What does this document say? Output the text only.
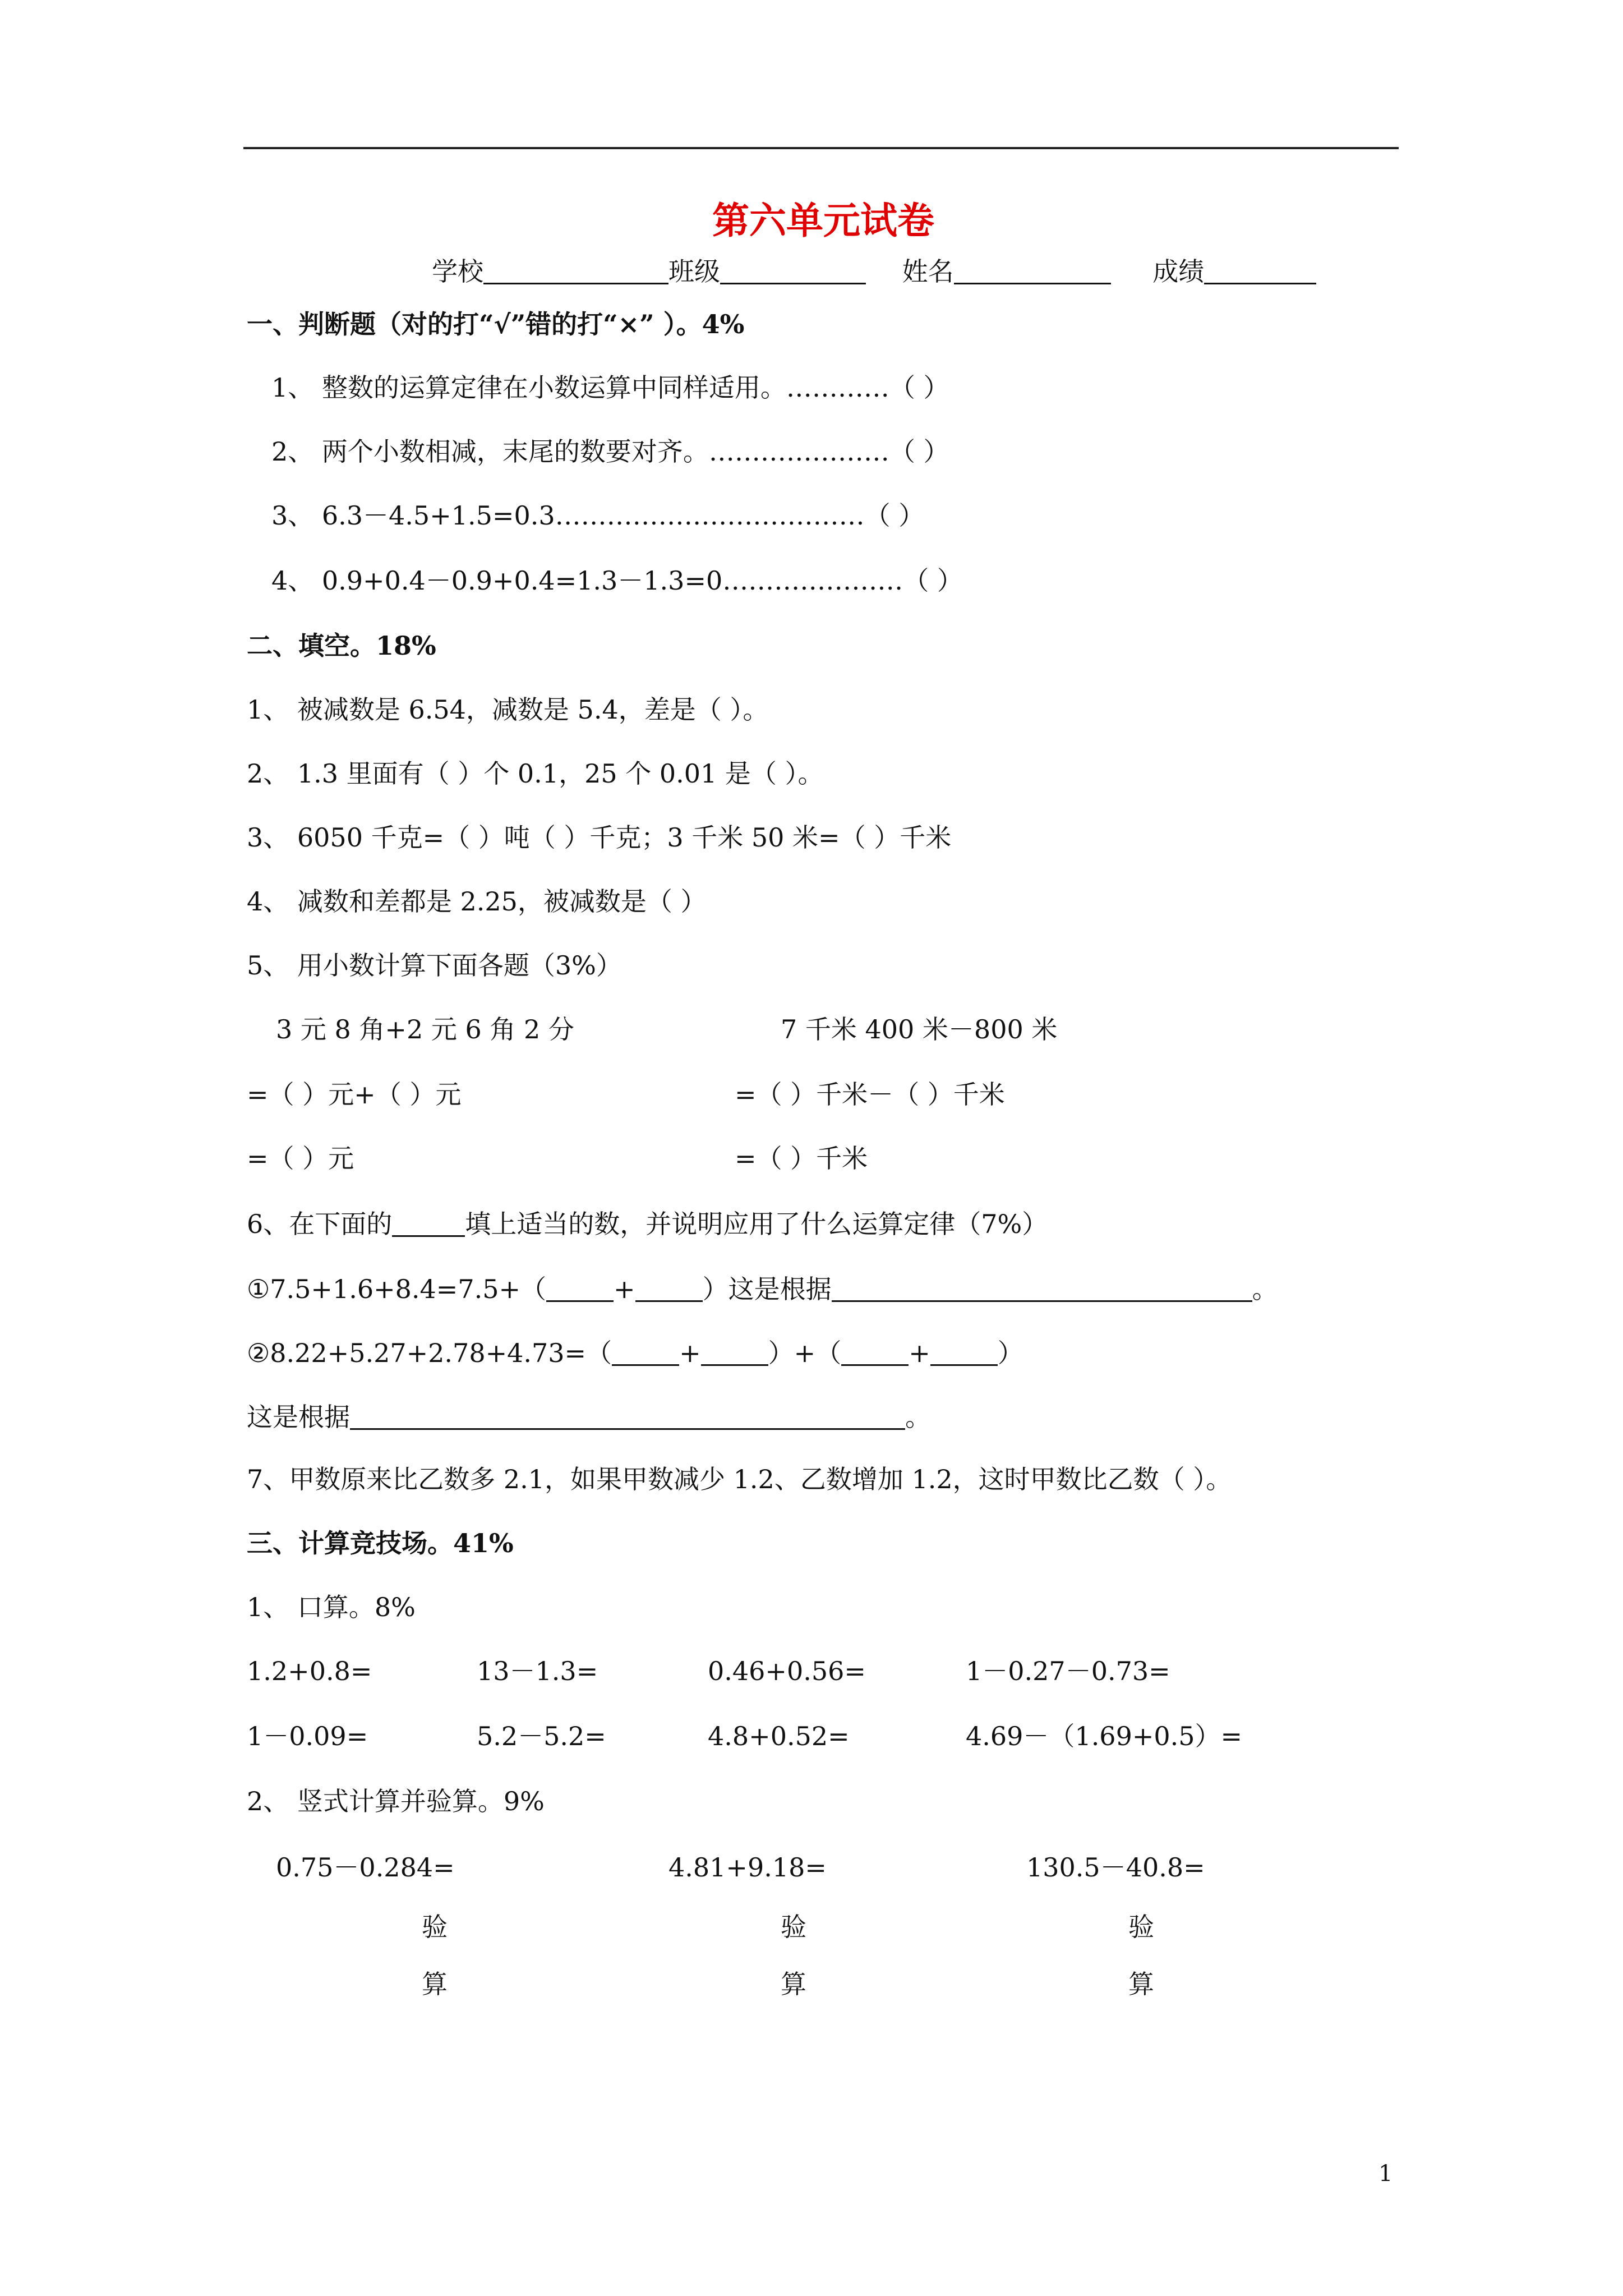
第六单元试卷
学校	班级	姓名	成绩
一、判断题（对的打“√”错的打“×” ）。4%
1、 整数的运算定律在小数运算中同样适用。…………（ ）
2、 两个小数相减，末尾的数要对齐。…………………（ ）
3、 6.3－4.5+1.5=0.3………………………………（ ）
4、 0.9+0.4－0.9+0.4=1.3－1.3=0…………………（ ）
二、填空。18%
1、 被减数是 6.54，减数是 5.4，差是（ ）。
2、 1.3 里面有（ ）个 0.1，25 个 0.01 是（ ）。
3、 6050 千克=（ ）吨（ ）千克；3 千米 50 米=（ ）千米
4、 减数和差都是 2.25，被减数是（ ）
5、 用小数计算下面各题（3%）
3 元 8 角+2 元 6 角 2 分	7 千米 400 米－800 米
=（ ）元+（ ）元	=（ ）千米－（ ）千米
=（ ）元	=（ ）千米
6、在下面的	填上适当的数，并说明应用了什么运算定律（7%）
①7.5+1.6+8.4=7.5+（	+	）这是根据	。
②8.22+5.27+2.78+4.73=（	+	）+（	+	）
这是根据	。
7、甲数原来比乙数多 2.1，如果甲数减少 1.2、乙数增加 1.2，这时甲数比乙数（ ）。
三、计算竞技场。41%
1、 口算。8%
1.2+0.8=	13－1.3=	0.46+0.56=	1－0.27－0.73=
1－0.09=	5.2－5.2=	4.8+0.52=	4.69－（1.69+0.5）=
2、 竖式计算并验算。9%
0.75－0.284=	4.81+9.18=	130.5－40.8=
验	验	验
算	算	算
1
